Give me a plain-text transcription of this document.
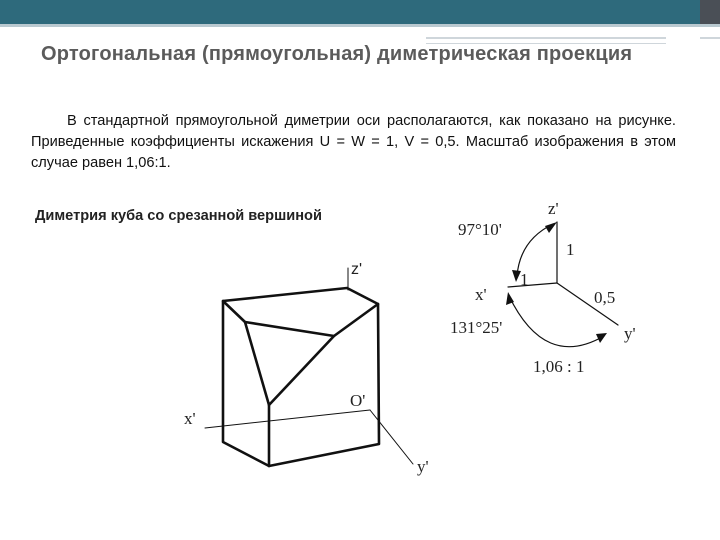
Ортогональная (прямоугольная) диметрическая проекция

В стандартной прямоугольной диметрии оси располагаются, как показано на рисунке. Приведенные коэффициенты искажения U = W = 1, V = 0,5. Масштаб изображения в этом случае равен 1,06:1.

Диметрия куба со срезанной вершиной

z'
x'
y'
O'
97°10'
z'
1
1
x'	0,5
y'
131°25'
1,06 : 1
